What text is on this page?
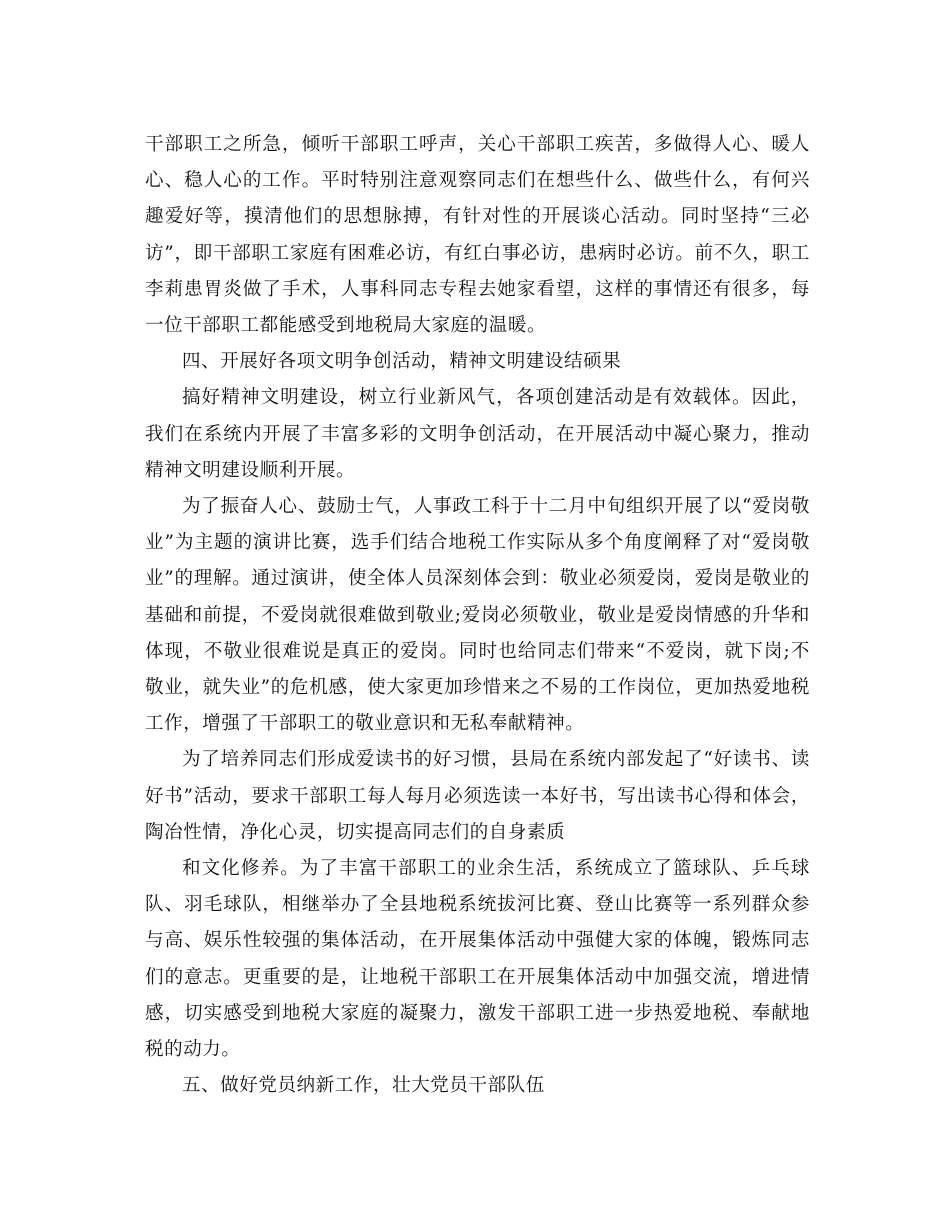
干部职工之所急，倾听干部职工呼声，关心干部职工疾苦，多做得人心、暖人心、稳人心的工作。平时特别注意观察同志们在想些什么、做些什么，有何兴趣爱好等，摸清他们的思想脉搏，有针对性的开展谈心活动。同时坚持“三必访”，即干部职工家庭有困难必访，有红白事必访，患病时必访。前不久，职工李莉患胃炎做了手术，人事科同志专程去她家看望，这样的事情还有很多，每一位干部职工都能感受到地税局大家庭的温暖。

四、开展好各项文明争创活动，精神文明建设结硕果

搞好精神文明建设，树立行业新风气，各项创建活动是有效载体。因此，我们在系统内开展了丰富多彩的文明争创活动，在开展活动中凝心聚力，推动精神文明建设顺利开展。

为了振奋人心、鼓励士气，人事政工科于十二月中旬组织开展了以“爱岗敬业”为主题的演讲比赛，选手们结合地税工作实际从多个角度阐释了对“爱岗敬业”的理解。通过演讲，使全体人员深刻体会到：敬业必须爱岗，爱岗是敬业的基础和前提，不爱岗就很难做到敬业;爱岗必须敬业，敬业是爱岗情感的升华和体现，不敬业很难说是真正的爱岗。同时也给同志们带来“不爱岗，就下岗;不敬业，就失业”的危机感，使大家更加珍惜来之不易的工作岗位，更加热爱地税工作，增强了干部职工的敬业意识和无私奉献精神。

为了培养同志们形成爱读书的好习惯，县局在系统内部发起了“好读书、读好书”活动，要求干部职工每人每月必须选读一本好书，写出读书心得和体会，陶冶性情，净化心灵，切实提高同志们的自身素质

和文化修养。为了丰富干部职工的业余生活，系统成立了篮球队、乒乓球队、羽毛球队，相继举办了全县地税系统拔河比赛、登山比赛等一系列群众参与高、娱乐性较强的集体活动，在开展集体活动中强健大家的体魄，锻炼同志们的意志。更重要的是，让地税干部职工在开展集体活动中加强交流，增进情感，切实感受到地税大家庭的凝聚力，激发干部职工进一步热爱地税、奉献地税的动力。

五、做好党员纳新工作，壮大党员干部队伍
